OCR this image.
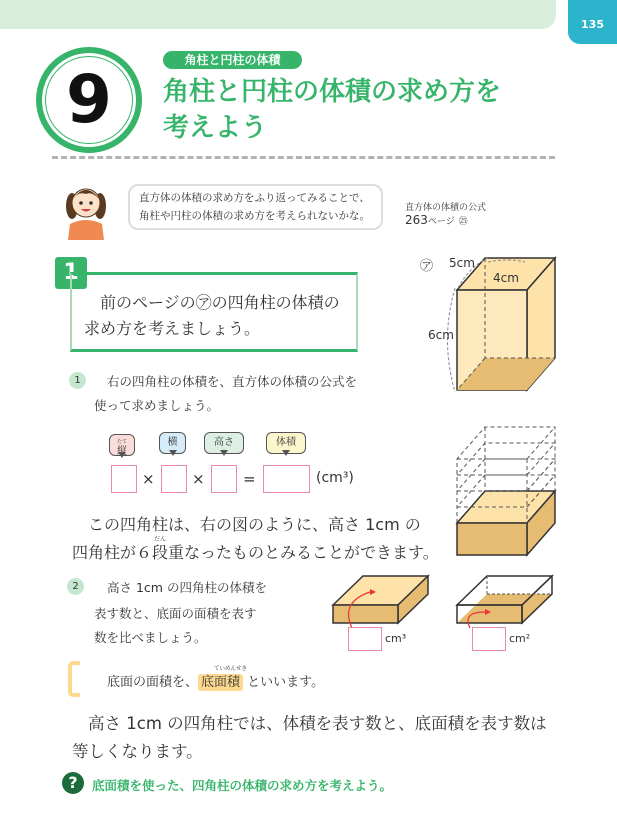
135
9
角柱と円柱の体積
角柱と円柱の体積の求め方を
考えよう
直方体の体積の求め方をふり返ってみることで、
角柱や円柱の体積の求め方を考えられないかな。
直方体の体積の公式
263ページ ㉕
1
前のページの㋐の四角柱の体積の
求め方を考えましょう。
1	右の四角柱の体積を、直方体の体積の公式を
使って求めましょう。
たて
縦
横	高さ	体積
× ×	=	(cm³)
だん
この四角柱は、右の図のように、高さ 1cm の
四角柱が６段重なったものとみることができます。
㋐ 5cm
4cm
6cm
2	高さ 1cm の四角柱の体積を
表す数と、底面の面積を表す
数を比べましょう。	cm³	cm²
ていめんせき
底面の面積を、 底面積 といいます。
高さ 1cm の四角柱では、体積を表す数と、底面積を表す数は
等しくなります。
?	底面積を使った、四角柱の体積の求め方を考えよう。
